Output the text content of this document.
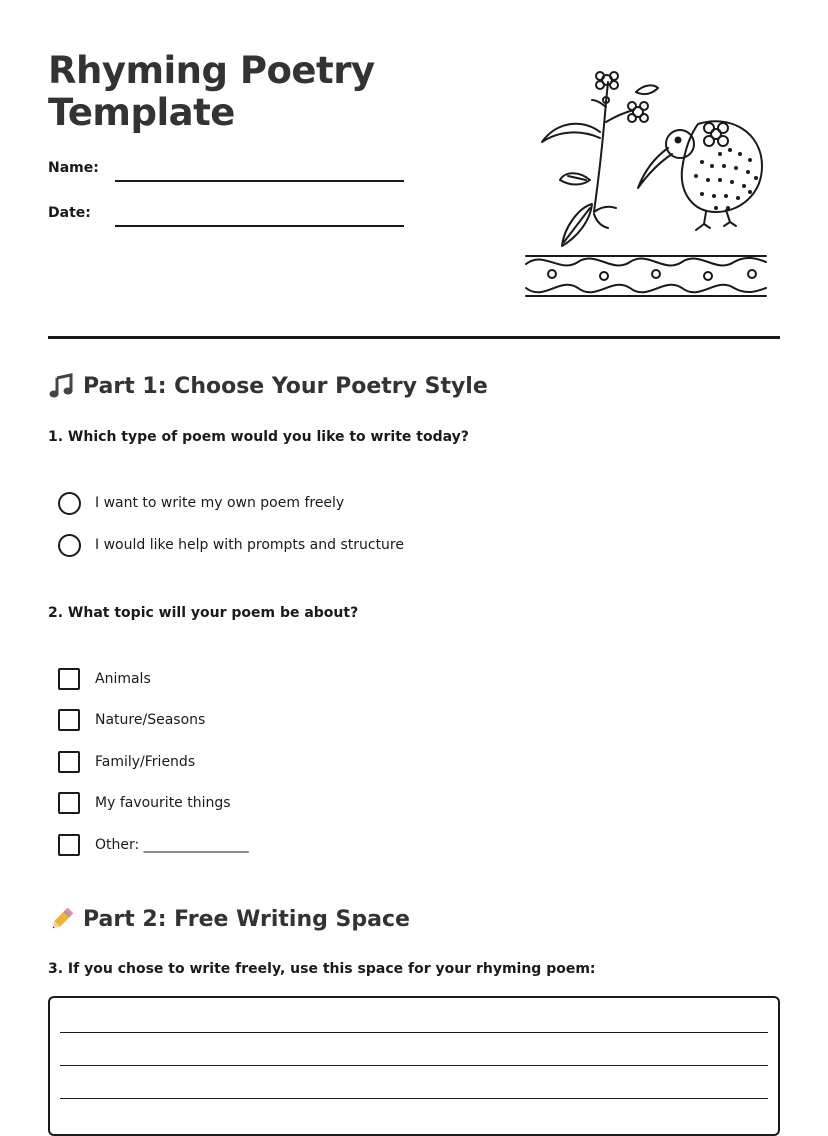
Rhyming Poetry Template
Name:
Date:
Part 1: Choose Your Poetry Style

1. Which type of poem would you like to write today?

I want to write my own poem freely
I would like help with prompts and structure

2. What topic will your poem be about?

Animals
Nature/Seasons
Family/Friends
My favourite things
Other: _______________
Part 2: Free Writing Space

3. If you chose to write freely, use this space for your rhyming poem:
